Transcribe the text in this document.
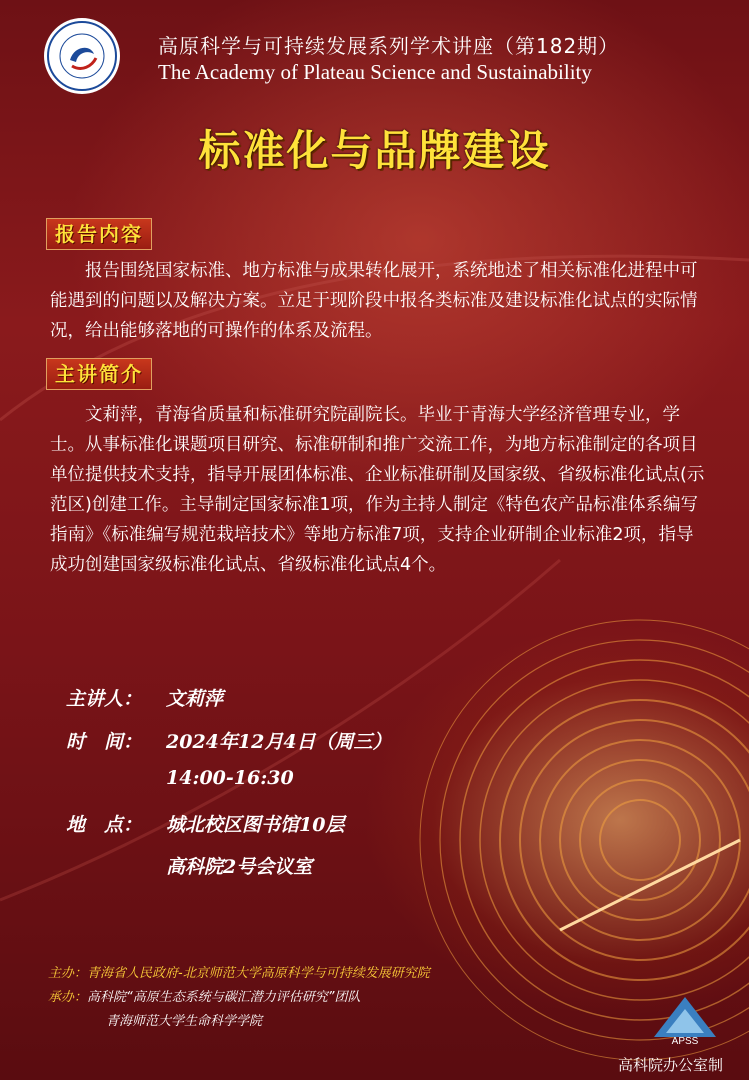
高原科学与可持续发展系列学术讲座（第182期）
The Academy of Plateau Science and Sustainability
标准化与品牌建设
报告内容
报告围绕国家标准、地方标准与成果转化展开，系统地述了相关标准化进程中可能遇到的问题以及解决方案。立足于现阶段中报各类标准及建设标准化试点的实际情况，给出能够落地的可操作的体系及流程。
主讲简介
文莉萍，青海省质量和标准研究院副院长。毕业于青海大学经济管理专业，学士。从事标准化课题项目研究、标准研制和推广交流工作，为地方标准制定的各项目单位提供技术支持，指导开展团体标准、企业标准研制及国家级、省级标准化试点(示范区)创建工作。主导制定国家标准1项，作为主持人制定《特色农产品标准体系编写指南》《标准编写规范栽培技术》等地方标准7项，支持企业研制企业标准2项，指导成功创建国家级标准化试点、省级标准化试点4个。
主讲人： 文莉萍
时　间： 2024年12月4日（周三）
14:00-16:30
地　点： 城北校区图书馆10层
高科院2号会议室
主办：青海省人民政府-北京师范大学高原科学与可持续发展研究院
承办：高科院“高原生态系统与碳汇潜力评估研究”团队
青海师范大学生命科学学院
APSS
高科院办公室制
